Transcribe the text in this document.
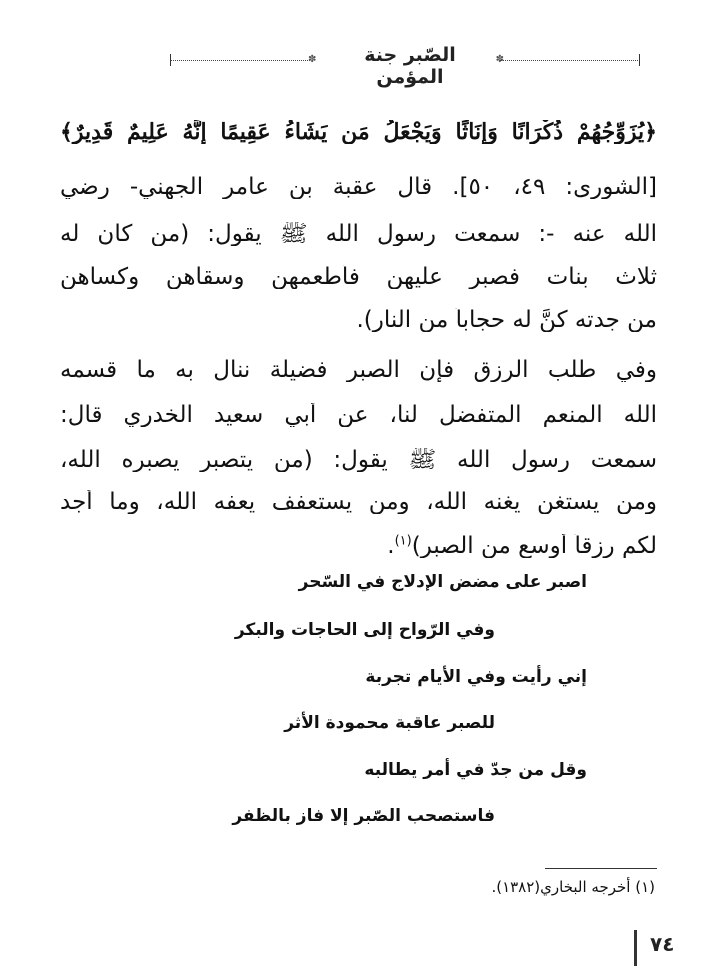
✽	الصّبر جنة المؤمن
✽
﴿يُزَوِّجُهُمْ ذُكْرَانًا وَإِنَاثًا وَيَجْعَلُ مَن يَشَاءُ عَقِيمًا إِنَّهُ عَلِيمٌ قَدِيرٌ﴾
[الشورى: ٤٩، ٥٠]. قال عقبة بن عامر الجهني- رضي
الله عنه -: سمعت رسول الله ﷺ يقول: (من كان له
ثلاث بنات فصبر عليهن فأطعمهن وسقاهن وكساهن
من جدته كنَّ له حجاباً من النار).
وفي طلب الرزق فإن الصبر فضيلة ننال به ما قسمه
الله المنعم المتفضل لنا، عن أبي سعيد الخدري قال:
سمعت رسول الله ﷺ يقول: (من يتصبر يصبره الله،
ومن يستغن يغنه الله، ومن يستعفف يعفه الله، وما أجد
لكم رزقاً أوسع من الصبر)$^{(١)}$.
اصبر على مضض الإدلاج في السّحر
وفي الرّواح إلى الحاجات والبكر
إني رأيت وفي الأيام تجربة
للصبر عاقبة محمودة الأثر
وقل من جدّ في أمر يطالبه
فاستصحب الصّبر إلا فاز بالظفر
(١) أخرجه البخاري(١٣٨٢).
٧٤
